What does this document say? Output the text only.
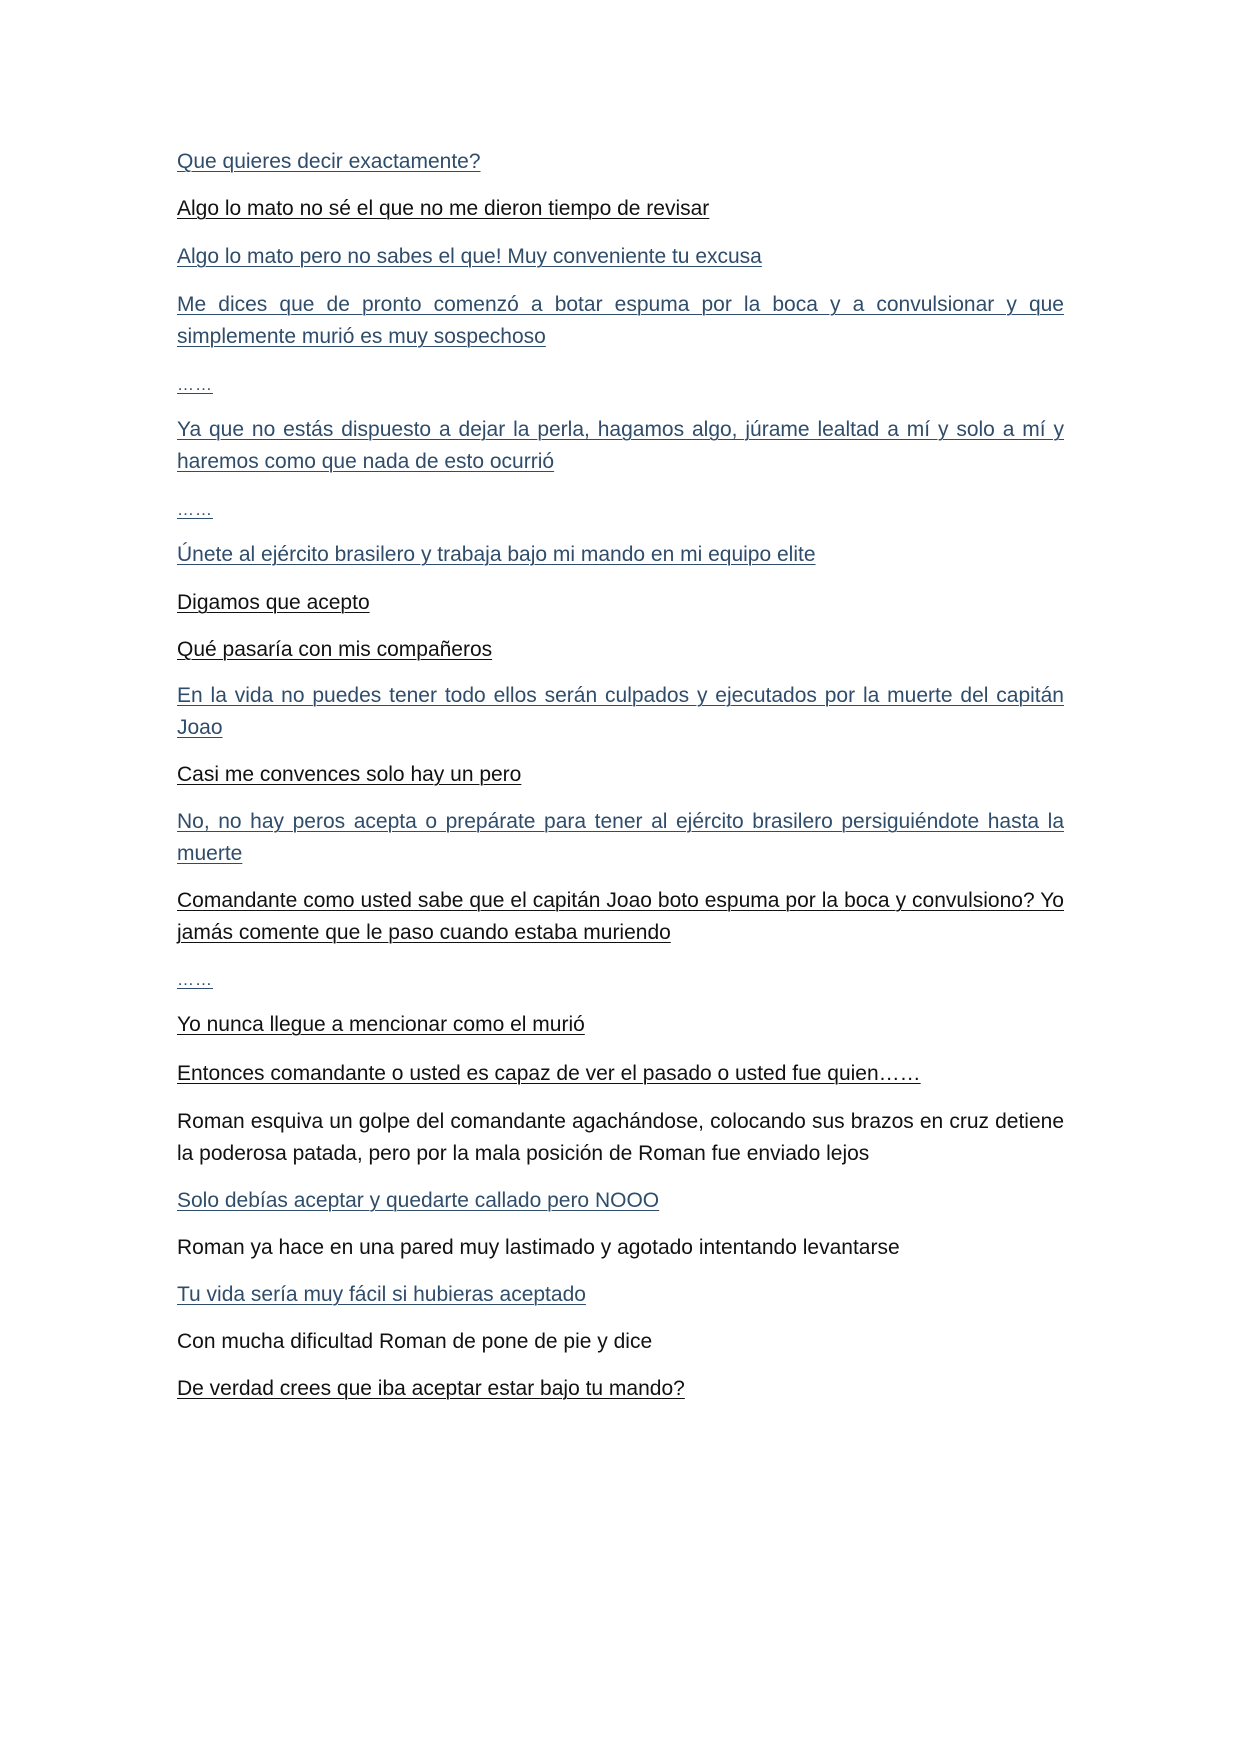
Que quieres decir exactamente?

Algo lo mato no sé el que no me dieron tiempo de revisar

Algo lo mato pero no sabes el que! Muy conveniente tu excusa

Me dices que de pronto comenzó a botar espuma por la boca y a convulsionar y que simplemente murió es muy sospechoso

……

Ya que no estás dispuesto a dejar la perla, hagamos algo, júrame lealtad a mí y solo a mí y haremos como que nada de esto ocurrió

……

Únete al ejército brasilero y trabaja bajo mi mando en mi equipo elite

Digamos que acepto

Qué pasaría con mis compañeros

En la vida no puedes tener todo ellos serán culpados y ejecutados por la muerte del capitán Joao

Casi me convences solo hay un pero

No, no hay peros acepta o prepárate para tener al ejército brasilero persiguiéndote hasta la muerte

Comandante como usted sabe que el capitán Joao boto espuma por la boca y convulsiono? Yo jamás comente que le paso cuando estaba muriendo

……

Yo nunca llegue a mencionar como el murió

Entonces comandante o usted es capaz de ver el pasado o usted fue quien……

Roman esquiva un golpe del comandante agachándose, colocando sus brazos en cruz detiene la poderosa patada, pero por la mala posición de Roman fue enviado lejos

Solo debías aceptar y quedarte callado pero NOOO

Roman ya hace en una pared muy lastimado y agotado intentando levantarse

Tu vida sería muy fácil si hubieras aceptado

Con mucha dificultad Roman de pone de pie y dice

De verdad crees que iba aceptar estar bajo tu mando?
